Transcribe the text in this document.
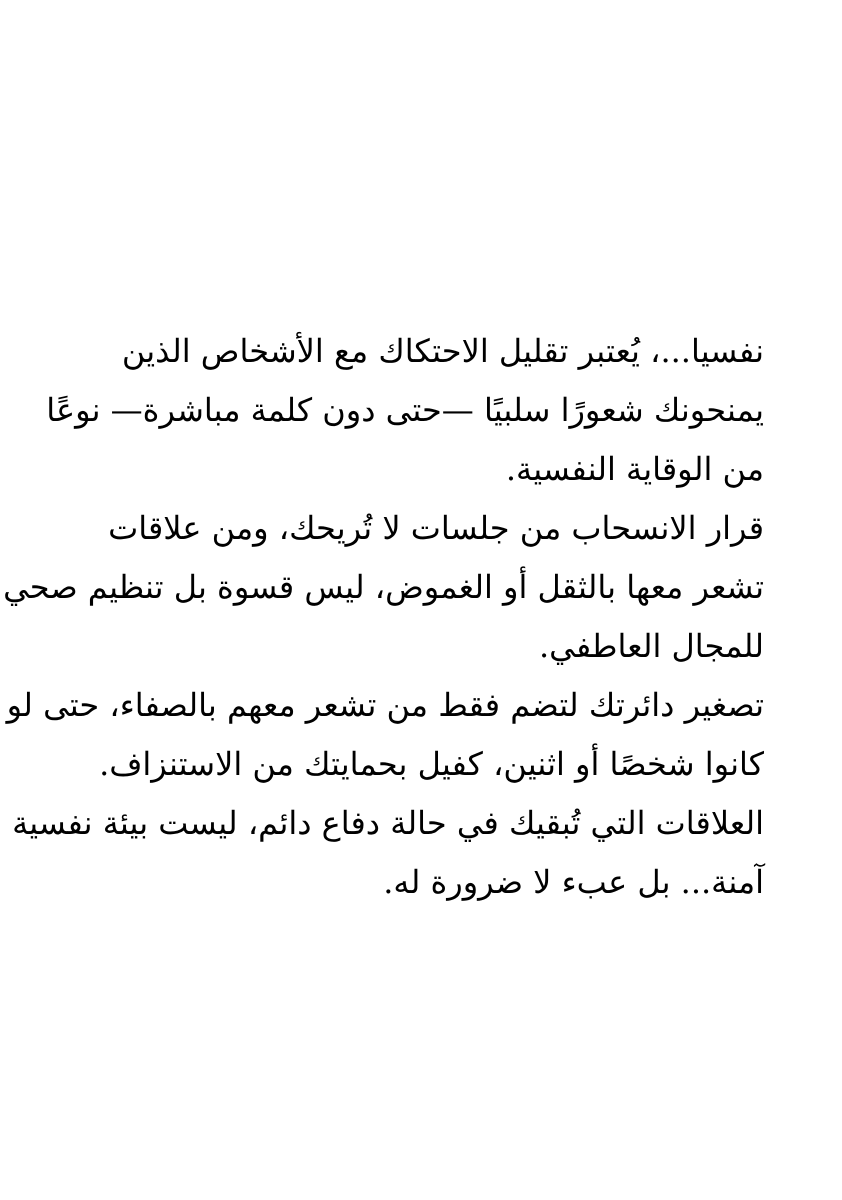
نفسيا...، يُعتبر تقليل الاحتكاك مع الأشخاص الذين
يمنحونك شعورًا سلبيًا —حتى دون كلمة مباشرة— نوعًا
من الوقاية النفسية.
قرار الانسحاب من جلسات لا تُريحك، ومن علاقات
تشعر معها بالثقل أو الغموض، ليس قسوة بل تنظيم صحي
للمجال العاطفي.
تصغير دائرتك لتضم فقط من تشعر معهم بالصفاء، حتى لو
كانوا شخصًا أو اثنين، كفيل بحمايتك من الاستنزاف.
العلاقات التي تُبقيك في حالة دفاع دائم، ليست بيئة نفسية
آمنة... بل عبء لا ضرورة له.
